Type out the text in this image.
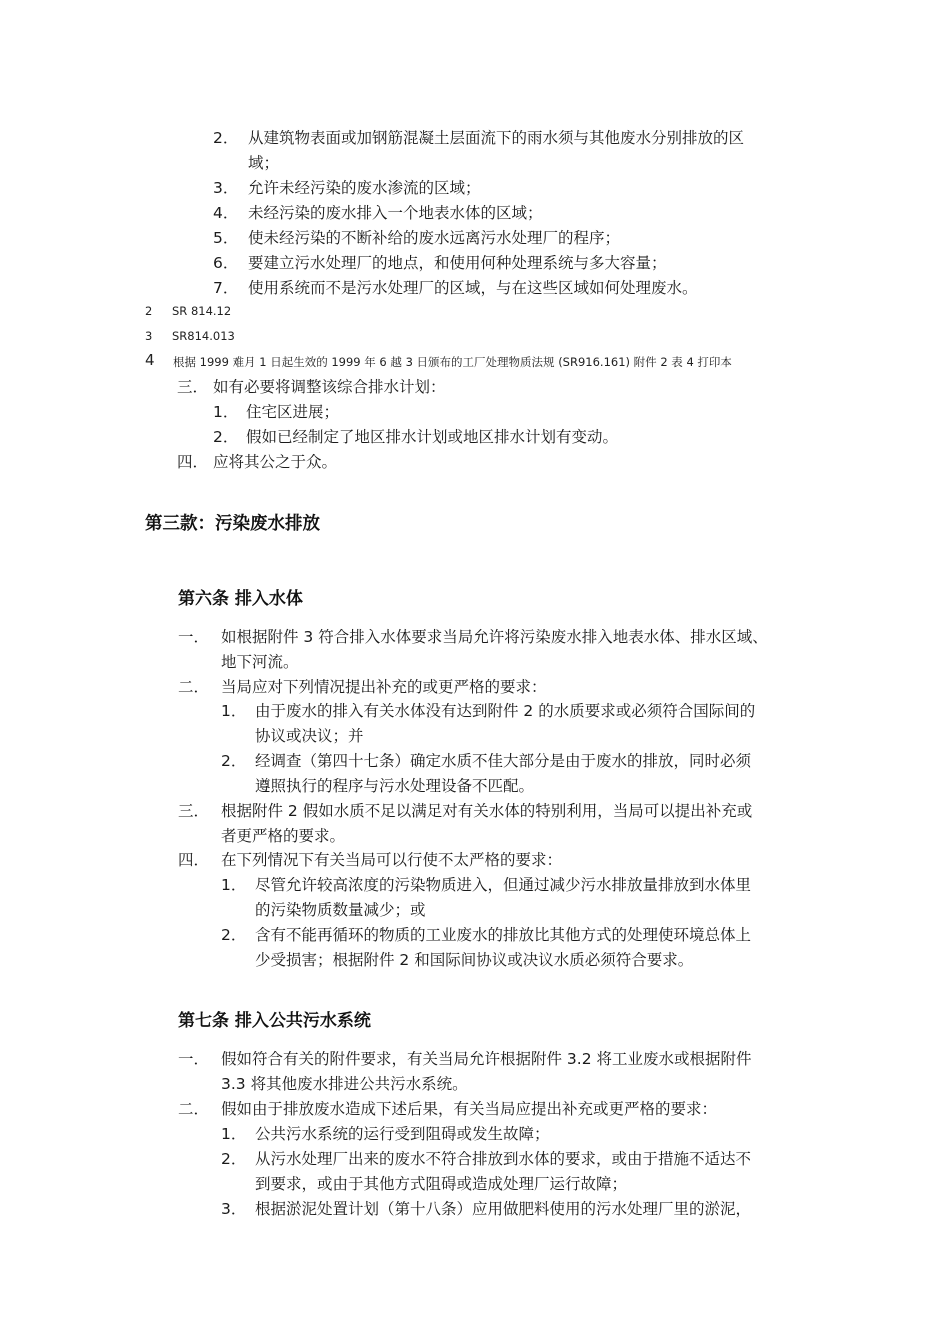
2． 从建筑物表面或加钢筋混凝土层面流下的雨水须与其他废水分别排放的区
域；
3． 允许未经污染的废水渗流的区域；
4． 未经污染的废水排入一个地表水体的区域；
5． 使未经污染的不断补给的废水远离污水处理厂的程序；
6． 要建立污水处理厂的地点，和使用何种处理系统与多大容量；
7． 使用系统而不是污水处理厂的区域，与在这些区域如何处理废水。
2 SR 814.12
3 SR814.013
4 根据 1999 难月 1 日起生效的 1999 年 6 越 3 日颁布的工厂处理物质法规 (SR916.161) 附件 2 表 4 打印本
三． 如有必要将调整该综合排水计划：
1． 住宅区进展；
2． 假如已经制定了地区排水计划或地区排水计划有变动。
四． 应将其公之于众。
第三款：污染废水排放
第六条 排入水体
一． 如根据附件 3 符合排入水体要求当局允许将污染废水排入地表水体、排水区域、
地下河流。
二． 当局应对下列情况提出补充的或更严格的要求：
1． 由于废水的排入有关水体没有达到附件 2 的水质要求或必须符合国际间的
协议或决议；并
2． 经调查（第四十七条）确定水质不佳大部分是由于废水的排放，同时必须
遵照执行的程序与污水处理设备不匹配。
三． 根据附件 2 假如水质不足以满足对有关水体的特别利用，当局可以提出补充或
者更严格的要求。
四． 在下列情况下有关当局可以行使不太严格的要求：
1． 尽管允许较高浓度的污染物质进入，但通过减少污水排放量排放到水体里
的污染物质数量减少；或
2． 含有不能再循环的物质的工业废水的排放比其他方式的处理使环境总体上
少受损害；根据附件 2 和国际间协议或决议水质必须符合要求。
第七条 排入公共污水系统
一． 假如符合有关的附件要求，有关当局允许根据附件 3.2 将工业废水或根据附件
3.3 将其他废水排进公共污水系统。
二． 假如由于排放废水造成下述后果，有关当局应提出补充或更严格的要求：
1． 公共污水系统的运行受到阻碍或发生故障；
2． 从污水处理厂出来的废水不符合排放到水体的要求，或由于措施不适达不
到要求，或由于其他方式阻碍或造成处理厂运行故障；
3． 根据淤泥处置计划（第十八条）应用做肥料使用的污水处理厂里的淤泥，
